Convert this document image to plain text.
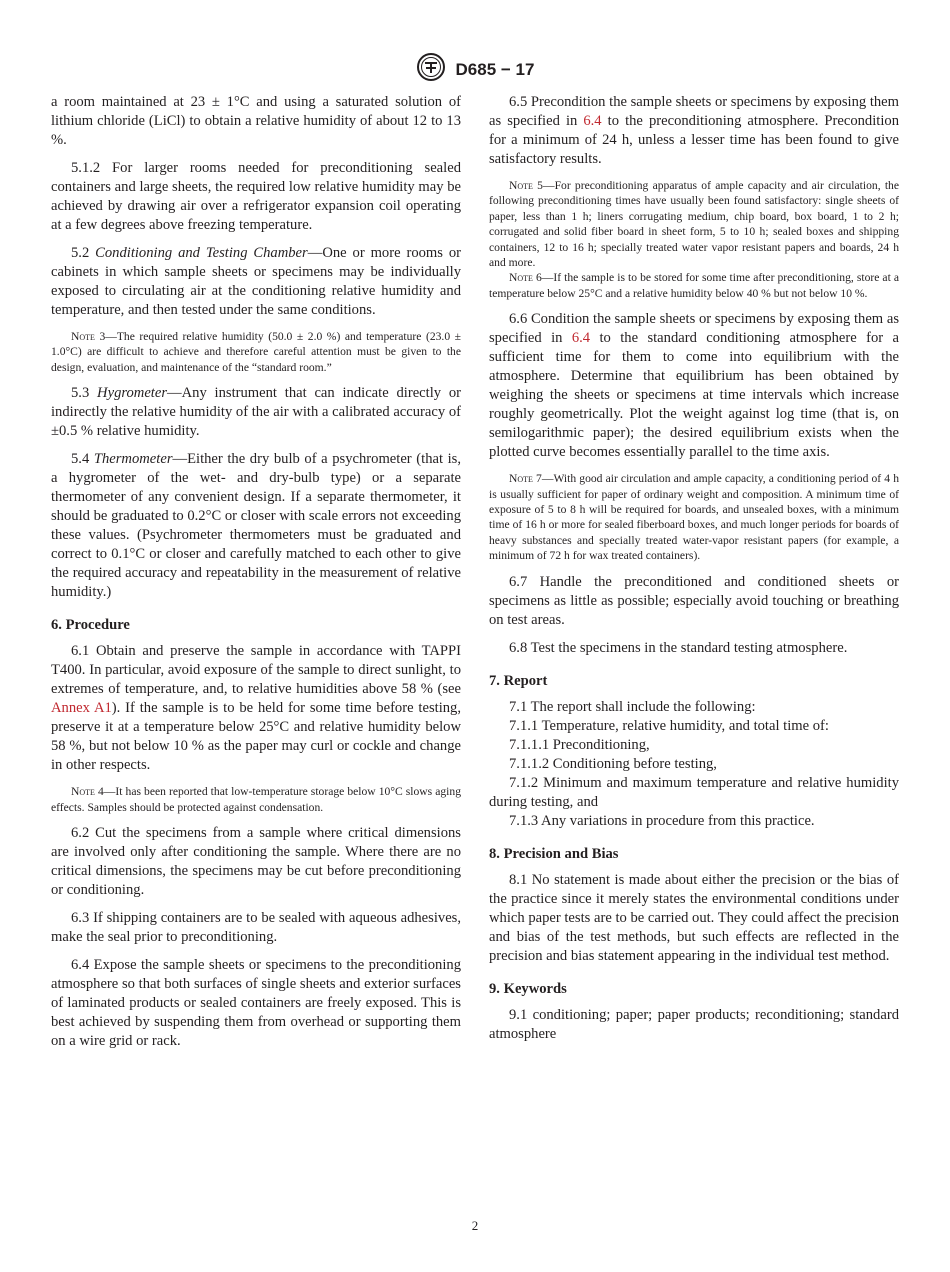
D685 − 17

a room maintained at 23 ± 1°C and using a saturated solution of lithium chloride (LiCl) to obtain a relative humidity of about 12 to 13 %.

5.1.2 For larger rooms needed for preconditioning sealed containers and large sheets, the required low relative humidity may be achieved by drawing air over a refrigerator expansion coil operating at a few degrees above freezing temperature.

5.2 Conditioning and Testing Chamber—One or more rooms or cabinets in which sample sheets or specimens may be individually exposed to circulating air at the conditioning relative humidity and temperature, and then tested under the same conditions.

Note 3—The required relative humidity (50.0 ± 2.0 %) and temperature (23.0 ± 1.0°C) are difficult to achieve and therefore careful attention must be given to the design, evaluation, and maintenance of the “standard room.”

5.3 Hygrometer—Any instrument that can indicate directly or indirectly the relative humidity of the air with a calibrated accuracy of ±0.5 % relative humidity.

5.4 Thermometer—Either the dry bulb of a psychrometer (that is, a hygrometer of the wet- and dry-bulb type) or a separate thermometer of any convenient design. If a separate thermometer, it should be graduated to 0.2°C or closer with scale errors not exceeding these values. (Psychrometer thermometers must be graduated and correct to 0.1°C or closer and carefully matched to each other to give the required accuracy and repeatability in the measurement of relative humidity.)

6. Procedure

6.1 Obtain and preserve the sample in accordance with TAPPI T400. In particular, avoid exposure of the sample to direct sunlight, to extremes of temperature, and, to relative humidities above 58 % (see Annex A1). If the sample is to be held for some time before testing, preserve it at a temperature below 25°C and relative humidity below 58 %, but not below 10 % as the paper may curl or cockle and change in other respects.

Note 4—It has been reported that low-temperature storage below 10°C slows aging effects. Samples should be protected against condensation.

6.2 Cut the specimens from a sample where critical dimensions are involved only after conditioning the sample. Where there are no critical dimensions, the specimens may be cut before preconditioning or conditioning.

6.3 If shipping containers are to be sealed with aqueous adhesives, make the seal prior to preconditioning.

6.4 Expose the sample sheets or specimens to the preconditioning atmosphere so that both surfaces of single sheets and exterior surfaces of laminated products or sealed containers are freely exposed. This is best achieved by suspending them from overhead or supporting them on a wire grid or rack.

6.5 Precondition the sample sheets or specimens by exposing them as specified in 6.4 to the preconditioning atmosphere. Precondition for a minimum of 24 h, unless a lesser time has been found to give satisfactory results.

Note 5—For preconditioning apparatus of ample capacity and air circulation, the following preconditioning times have usually been found satisfactory: single sheets of paper, less than 1 h; liners corrugating medium, chip board, box board, 1 to 2 h; corrugated and solid fiber board in sheet form, 5 to 10 h; sealed boxes and shipping containers, 12 to 16 h; specially treated water vapor resistant papers and boards, 24 h and more.
Note 6—If the sample is to be stored for some time after preconditioning, store at a temperature below 25°C and a relative humidity below 40 % but not below 10 %.

6.6 Condition the sample sheets or specimens by exposing them as specified in 6.4 to the standard conditioning atmosphere for a sufficient time for them to come into equilibrium with the atmosphere. Determine that equilibrium has been obtained by weighing the sheets or specimens at time intervals which increase roughly geometrically. Plot the weight against log time (that is, on semilogarithmic paper); the desired equilibrium exists when the plotted curve becomes essentially parallel to the time axis.

Note 7—With good air circulation and ample capacity, a conditioning period of 4 h is usually sufficient for paper of ordinary weight and composition. A minimum time of exposure of 5 to 8 h will be required for boards, and unsealed boxes, with a minimum time of 16 h or more for sealed fiberboard boxes, and much longer periods for boards of heavy substances and specially treated water-vapor resistant papers (for example, a minimum of 72 h for wax treated containers).

6.7 Handle the preconditioned and conditioned sheets or specimens as little as possible; especially avoid touching or breathing on test areas.

6.8 Test the specimens in the standard testing atmosphere.

7. Report

7.1 The report shall include the following:

7.1.1 Temperature, relative humidity, and total time of:

7.1.1.1 Preconditioning,

7.1.1.2 Conditioning before testing,

7.1.2 Minimum and maximum temperature and relative humidity during testing, and

7.1.3 Any variations in procedure from this practice.

8. Precision and Bias

8.1 No statement is made about either the precision or the bias of the practice since it merely states the environmental conditions under which paper tests are to be carried out. They could affect the precision and bias of the test methods, but such effects are reflected in the precision and bias statement appearing in the individual test method.

9. Keywords

9.1 conditioning; paper; paper products; reconditioning; standard atmosphere

2
